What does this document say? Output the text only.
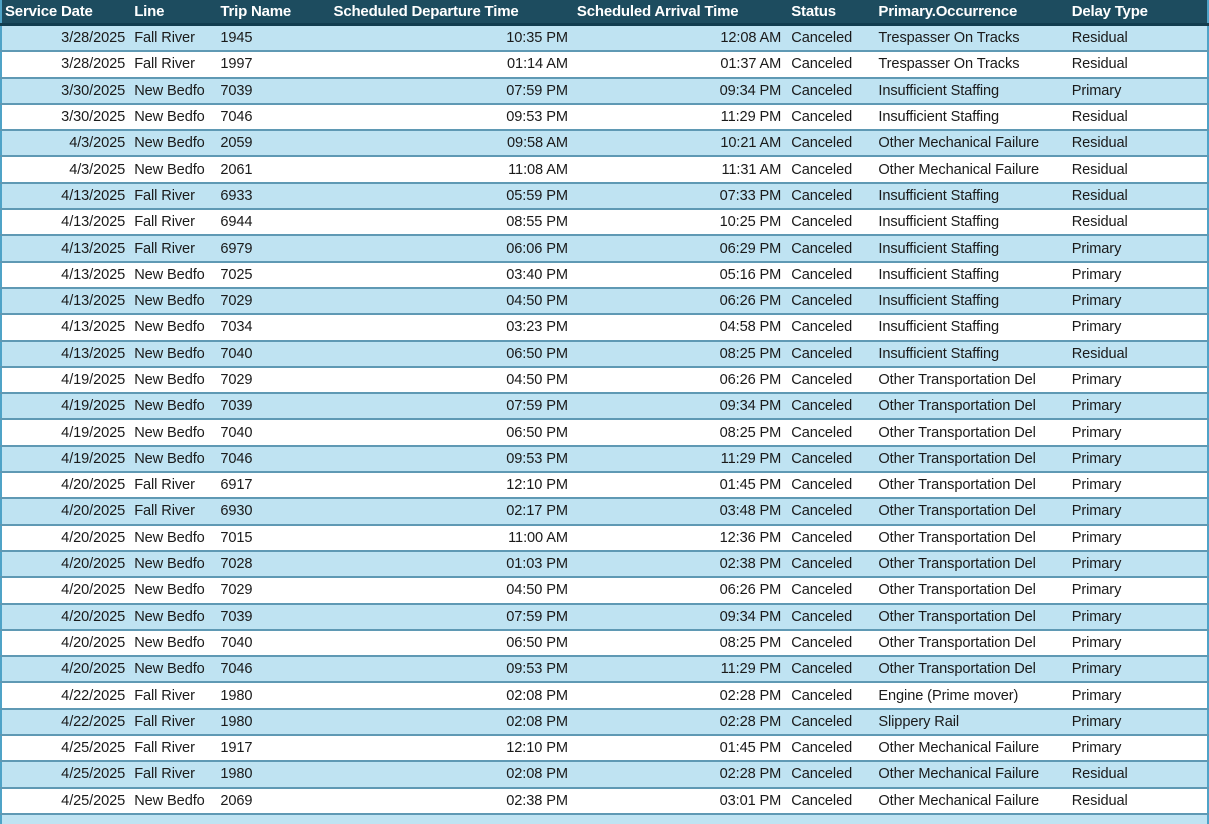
Service Date	Line	Trip Name	Scheduled Departure Time	Scheduled Arrival Time	Status	Primary.Occurrence	Delay Type
3/28/2025	Fall River	1945	10:35 PM	12:08 AM	Canceled	Trespasser On Tracks	Residual
3/28/2025	Fall River	1997	01:14 AM	01:37 AM	Canceled	Trespasser On Tracks	Residual
3/30/2025	New Bedfo	7039	07:59 PM	09:34 PM	Canceled	Insufficient Staffing	Primary
3/30/2025	New Bedfo	7046	09:53 PM	11:29 PM	Canceled	Insufficient Staffing	Residual
4/3/2025	New Bedfo	2059	09:58 AM	10:21 AM	Canceled	Other Mechanical Failure	Residual
4/3/2025	New Bedfo	2061	11:08 AM	11:31 AM	Canceled	Other Mechanical Failure	Residual
4/13/2025	Fall River	6933	05:59 PM	07:33 PM	Canceled	Insufficient Staffing	Residual
4/13/2025	Fall River	6944	08:55 PM	10:25 PM	Canceled	Insufficient Staffing	Residual
4/13/2025	Fall River	6979	06:06 PM	06:29 PM	Canceled	Insufficient Staffing	Primary
4/13/2025	New Bedfo	7025	03:40 PM	05:16 PM	Canceled	Insufficient Staffing	Primary
4/13/2025	New Bedfo	7029	04:50 PM	06:26 PM	Canceled	Insufficient Staffing	Primary
4/13/2025	New Bedfo	7034	03:23 PM	04:58 PM	Canceled	Insufficient Staffing	Primary
4/13/2025	New Bedfo	7040	06:50 PM	08:25 PM	Canceled	Insufficient Staffing	Residual
4/19/2025	New Bedfo	7029	04:50 PM	06:26 PM	Canceled	Other Transportation Del	Primary
4/19/2025	New Bedfo	7039	07:59 PM	09:34 PM	Canceled	Other Transportation Del	Primary
4/19/2025	New Bedfo	7040	06:50 PM	08:25 PM	Canceled	Other Transportation Del	Primary
4/19/2025	New Bedfo	7046	09:53 PM	11:29 PM	Canceled	Other Transportation Del	Primary
4/20/2025	Fall River	6917	12:10 PM	01:45 PM	Canceled	Other Transportation Del	Primary
4/20/2025	Fall River	6930	02:17 PM	03:48 PM	Canceled	Other Transportation Del	Primary
4/20/2025	New Bedfo	7015	11:00 AM	12:36 PM	Canceled	Other Transportation Del	Primary
4/20/2025	New Bedfo	7028	01:03 PM	02:38 PM	Canceled	Other Transportation Del	Primary
4/20/2025	New Bedfo	7029	04:50 PM	06:26 PM	Canceled	Other Transportation Del	Primary
4/20/2025	New Bedfo	7039	07:59 PM	09:34 PM	Canceled	Other Transportation Del	Primary
4/20/2025	New Bedfo	7040	06:50 PM	08:25 PM	Canceled	Other Transportation Del	Primary
4/20/2025	New Bedfo	7046	09:53 PM	11:29 PM	Canceled	Other Transportation Del	Primary
4/22/2025	Fall River	1980	02:08 PM	02:28 PM	Canceled	Engine (Prime mover)	Primary
4/22/2025	Fall River	1980	02:08 PM	02:28 PM	Canceled	Slippery Rail	Primary
4/25/2025	Fall River	1917	12:10 PM	01:45 PM	Canceled	Other Mechanical Failure	Primary
4/25/2025	Fall River	1980	02:08 PM	02:28 PM	Canceled	Other Mechanical Failure	Residual
4/25/2025	New Bedfo	2069	02:38 PM	03:01 PM	Canceled	Other Mechanical Failure	Residual
